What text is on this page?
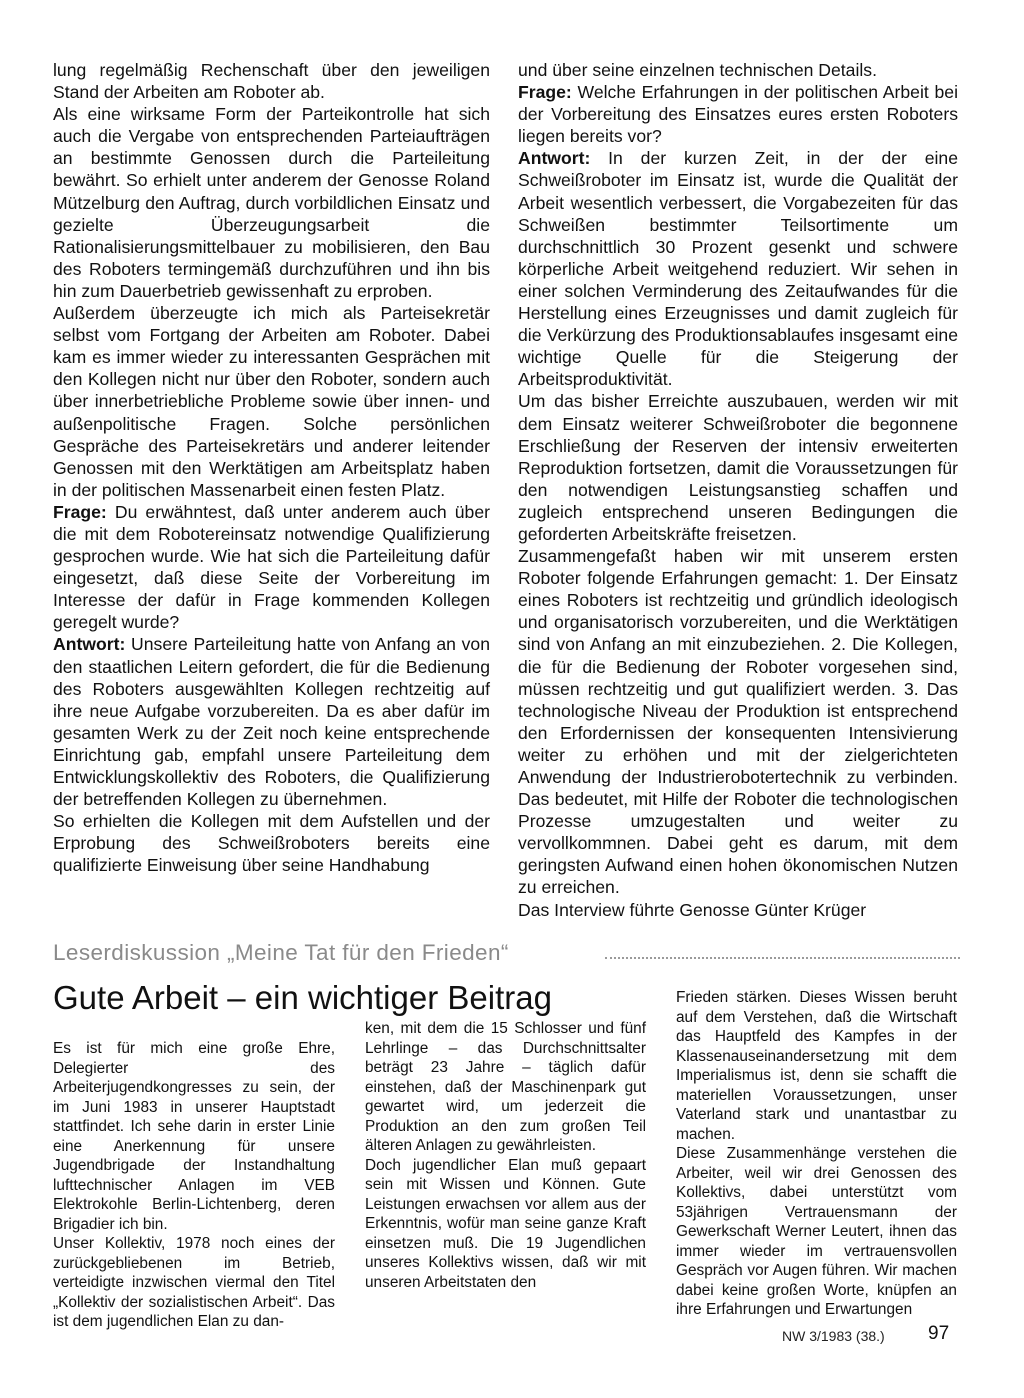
lung regelmäßig Rechenschaft über den jeweiligen Stand der Arbeiten am Roboter ab.

Als eine wirksame Form der Parteikontrolle hat sich auch die Vergabe von entsprechenden Parteiaufträgen an bestimmte Genossen durch die Parteileitung bewährt. So erhielt unter anderem der Genosse Roland Mützelburg den Auftrag, durch vorbildlichen Einsatz und gezielte Überzeugungsarbeit die Rationalisierungsmittelbauer zu mobilisieren, den Bau des Roboters termingemäß durchzuführen und ihn bis hin zum Dauerbetrieb gewissenhaft zu erproben.

Außerdem überzeugte ich mich als Parteisekretär selbst vom Fortgang der Arbeiten am Roboter. Dabei kam es immer wieder zu interessanten Gesprächen mit den Kollegen nicht nur über den Roboter, sondern auch über innerbetriebliche Probleme sowie über innen- und außenpolitische Fragen. Solche persönlichen Gespräche des Parteisekretärs und anderer leitender Genossen mit den Werktätigen am Arbeitsplatz haben in der politischen Massenarbeit einen festen Platz.

Frage: Du erwähntest, daß unter anderem auch über die mit dem Robotereinsatz notwendige Qualifizierung gesprochen wurde. Wie hat sich die Parteileitung dafür eingesetzt, daß diese Seite der Vorbereitung im Interesse der dafür in Frage kommenden Kollegen geregelt wurde?

Antwort: Unsere Parteileitung hatte von Anfang an von den staatlichen Leitern gefordert, die für die Bedienung des Roboters ausgewählten Kollegen rechtzeitig auf ihre neue Aufgabe vorzubereiten. Da es aber dafür im gesamten Werk zu der Zeit noch keine entsprechende Einrichtung gab, empfahl unsere Parteileitung dem Entwicklungskollektiv des Roboters, die Qualifizierung der betreffenden Kollegen zu übernehmen.

So erhielten die Kollegen mit dem Aufstellen und der Erprobung des Schweißroboters bereits eine qualifizierte Einweisung über seine Handhabung

und über seine einzelnen technischen Details.

Frage: Welche Erfahrungen in der politischen Arbeit bei der Vorbereitung des Einsatzes eures ersten Roboters liegen bereits vor?

Antwort: In der kurzen Zeit, in der der eine Schweißroboter im Einsatz ist, wurde die Qualität der Arbeit wesentlich verbessert, die Vorgabezeiten für das Schweißen bestimmter Teilsortimente um durchschnittlich 30 Prozent gesenkt und schwere körperliche Arbeit weitgehend reduziert. Wir sehen in einer solchen Verminderung des Zeitaufwandes für die Herstellung eines Erzeugnisses und damit zugleich für die Verkürzung des Produktionsablaufes insgesamt eine wichtige Quelle für die Steigerung der Arbeitsproduktivität.

Um das bisher Erreichte auszubauen, werden wir mit dem Einsatz weiterer Schweißroboter die begonnene Erschließung der Reserven der intensiv erweiterten Reproduktion fortsetzen, damit die Voraussetzungen für den notwendigen Leistungsanstieg schaffen und zugleich entsprechend unseren Bedingungen die geforderten Arbeitskräfte freisetzen.

Zusammengefaßt haben wir mit unserem ersten Roboter folgende Erfahrungen gemacht: 1. Der Einsatz eines Roboters ist rechtzeitig und gründlich ideologisch und organisatorisch vorzubereiten, und die Werktätigen sind von Anfang an mit einzubeziehen. 2. Die Kollegen, die für die Bedienung der Roboter vorgesehen sind, müssen rechtzeitig und gut qualifiziert werden. 3. Das technologische Niveau der Produktion ist entsprechend den Erfordernissen der konsequenten Intensivierung weiter zu erhöhen und mit der zielgerichteten Anwendung der Industrierobotertechnik zu verbinden. Das bedeutet, mit Hilfe der Roboter die technologischen Prozesse umzugestalten und weiter zu vervollkommnen. Dabei geht es darum, mit dem geringsten Aufwand einen hohen ökonomischen Nutzen zu erreichen.

Das Interview führte Genosse Günter Krüger

Leserdiskussion „Meine Tat für den Frieden“
Gute Arbeit – ein wichtiger Beitrag

Es ist für mich eine große Ehre, Delegierter des Arbeiterjugendkongresses zu sein, der im Juni 1983 in unserer Hauptstadt stattfindet. Ich sehe darin in erster Linie eine Anerkennung für unsere Jugendbrigade der Instandhaltung lufttechnischer Anlagen im VEB Elektrokohle Berlin-Lichtenberg, deren Brigadier ich bin.

Unser Kollektiv, 1978 noch eines der zurückgebliebenen im Betrieb, verteidigte inzwischen viermal den Titel „Kollektiv der sozialistischen Arbeit“. Das ist dem jugendlichen Elan zu dan-

ken, mit dem die 15 Schlosser und fünf Lehrlinge – das Durchschnittsalter beträgt 23 Jahre – täglich dafür einstehen, daß der Maschinenpark gut gewartet wird, um jederzeit die Produktion an den zum großen Teil älteren Anlagen zu gewährleisten.

Doch jugendlicher Elan muß gepaart sein mit Wissen und Können. Gute Leistungen erwachsen vor allem aus der Erkenntnis, wofür man seine ganze Kraft einsetzen muß. Die 19 Jugendlichen unseres Kollektivs wissen, daß wir mit unseren Arbeitstaten den

Frieden stärken. Dieses Wissen beruht auf dem Verstehen, daß die Wirtschaft das Hauptfeld des Kampfes in der Klassenauseinandersetzung mit dem Imperialismus ist, denn sie schafft die materiellen Voraussetzungen, unser Vaterland stark und unantastbar zu machen.

Diese Zusammenhänge verstehen die Arbeiter, weil wir drei Genossen des Kollektivs, dabei unterstützt vom 53jährigen Vertrauensmann der Gewerkschaft Werner Leutert, ihnen das immer wieder im vertrauensvollen Gespräch vor Augen führen. Wir machen dabei keine großen Worte, knüpfen an ihre Erfahrungen und Erwartungen

NW 3/1983 (38.) 97
